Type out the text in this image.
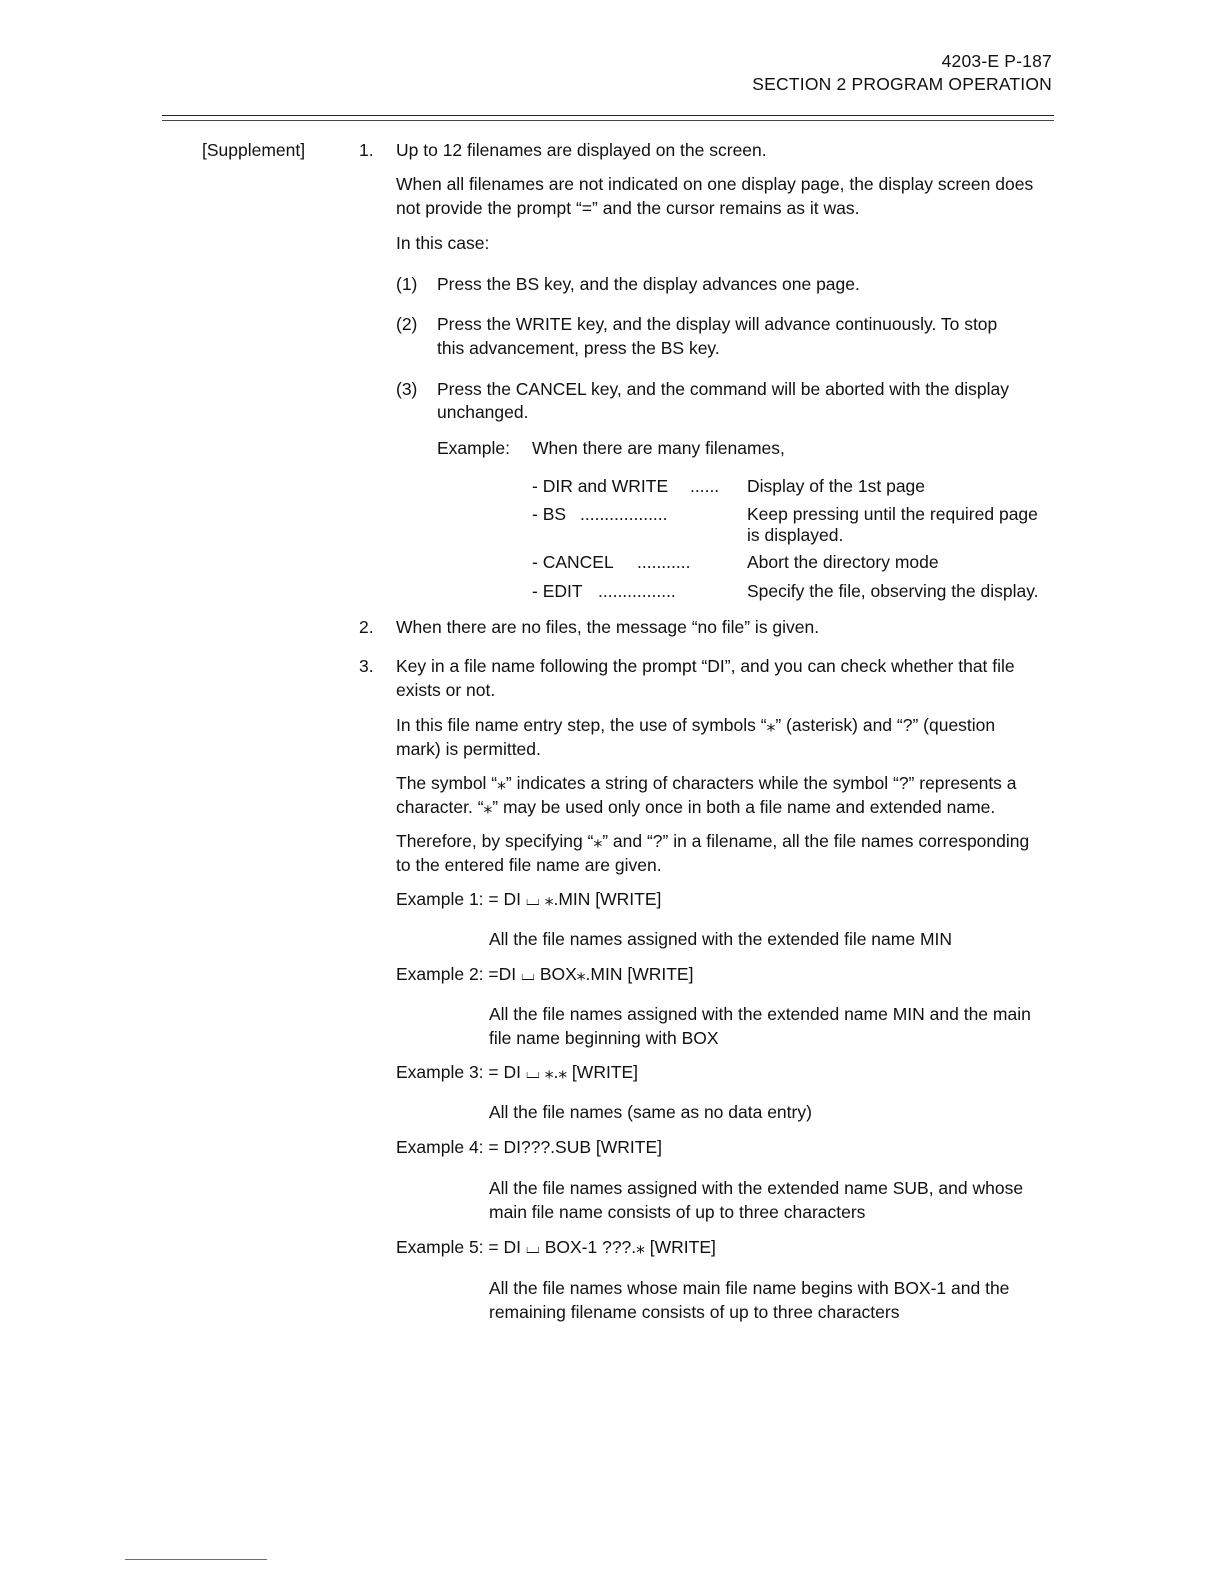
4203-E P-187
SECTION 2 PROGRAM OPERATION
[Supplement]	1.	Up to 12 filenames are displayed on the screen.
When all filenames are not indicated on one display page, the display screen does
not provide the prompt “=” and the cursor remains as it was.
In this case:
(1) Press the BS key, and the display advances one page.
(2) Press the WRITE key, and the display will advance continuously. To stop
this advancement, press the BS key.
(3) Press the CANCEL key, and the command will be aborted with the display
unchanged.
Example: When there are many filenames,
- DIR and WRITE ...... Display of the 1st page
- BS ..................	Keep pressing until the required page
is displayed.
- CANCEL ...........	Abort the directory mode
- EDIT ................	Specify the file, observing the display.
2.	When there are no files, the message “no file” is given.
3.	Key in a file name following the prompt “DI”, and you can check whether that file
exists or not.
In this file name entry step, the use of symbols “⁎” (asterisk) and “?” (question
mark) is permitted.
The symbol “⁎” indicates a string of characters while the symbol “?” represents a
character. “⁎” may be used only once in both a file name and extended name.
Therefore, by specifying “⁎” and “?” in a filename, all the file names corresponding
to the entered file name are given.
Example 1: = DI ⌴ ⁎.MIN [WRITE]
All the file names assigned with the extended file name MIN
Example 2: =DI ⌴ BOX⁎.MIN [WRITE]
All the file names assigned with the extended name MIN and the main
file name beginning with BOX
Example 3: = DI ⌴ ⁎.⁎ [WRITE]
All the file names (same as no data entry)
Example 4: = DI???.SUB [WRITE]
All the file names assigned with the extended name SUB, and whose
main file name consists of up to three characters
Example 5: = DI ⌴ BOX-1 ???.⁎ [WRITE]
All the file names whose main file name begins with BOX-1 and the
remaining filename consists of up to three characters
